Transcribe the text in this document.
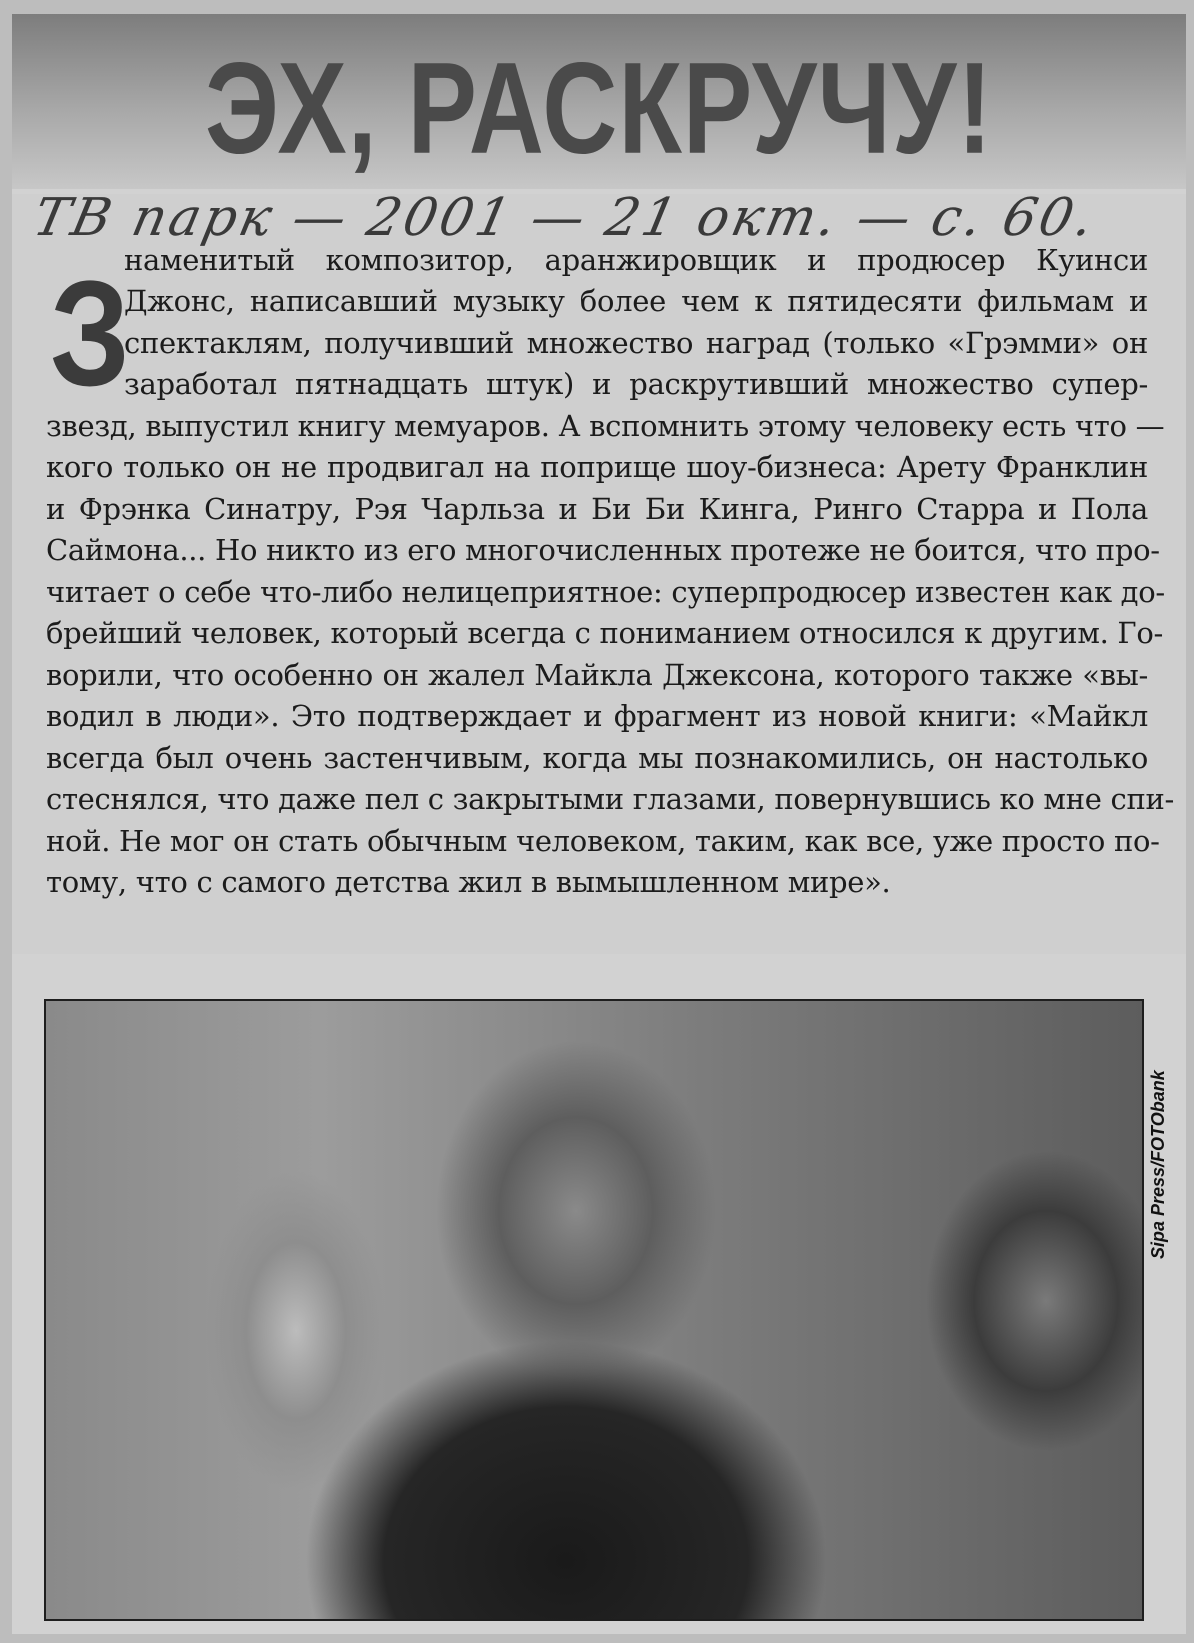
ЭХ, РАСКРУЧУ!
ТВ парк — 2001 — 21 окт. — с. 60.
З
наменитый композитор, аранжировщик и продюсер Куинси
Джонс, написавший музыку более чем к пятидесяти фильмам и
спектаклям, получивший множество наград (только «Грэмми» он
заработал пятнадцать штук) и раскрутивший множество супер-
звезд, выпустил книгу мемуаров. А вспомнить этому человеку есть что —
кого только он не продвигал на поприще шоу-бизнеса: Арету Франклин
и Фрэнка Синатру, Рэя Чарльза и Би Би Кинга, Ринго Старра и Пола
Саймона... Но никто из его многочисленных протеже не боится, что про-
читает о себе что-либо нелицеприятное: суперпродюсер известен как до-
брейший человек, который всегда с пониманием относился к другим. Го-
ворили, что особенно он жалел Майкла Джексона, которого также «вы-
водил в люди». Это подтверждает и фрагмент из новой книги: «Майкл
всегда был очень застенчивым, когда мы познакомились, он настолько
стеснялся, что даже пел с закрытыми глазами, повернувшись ко мне спи-
ной. Не мог он стать обычным человеком, таким, как все, уже просто по-
тому, что с самого детства жил в вымышленном мире».
Sipa Press/FOTObank
